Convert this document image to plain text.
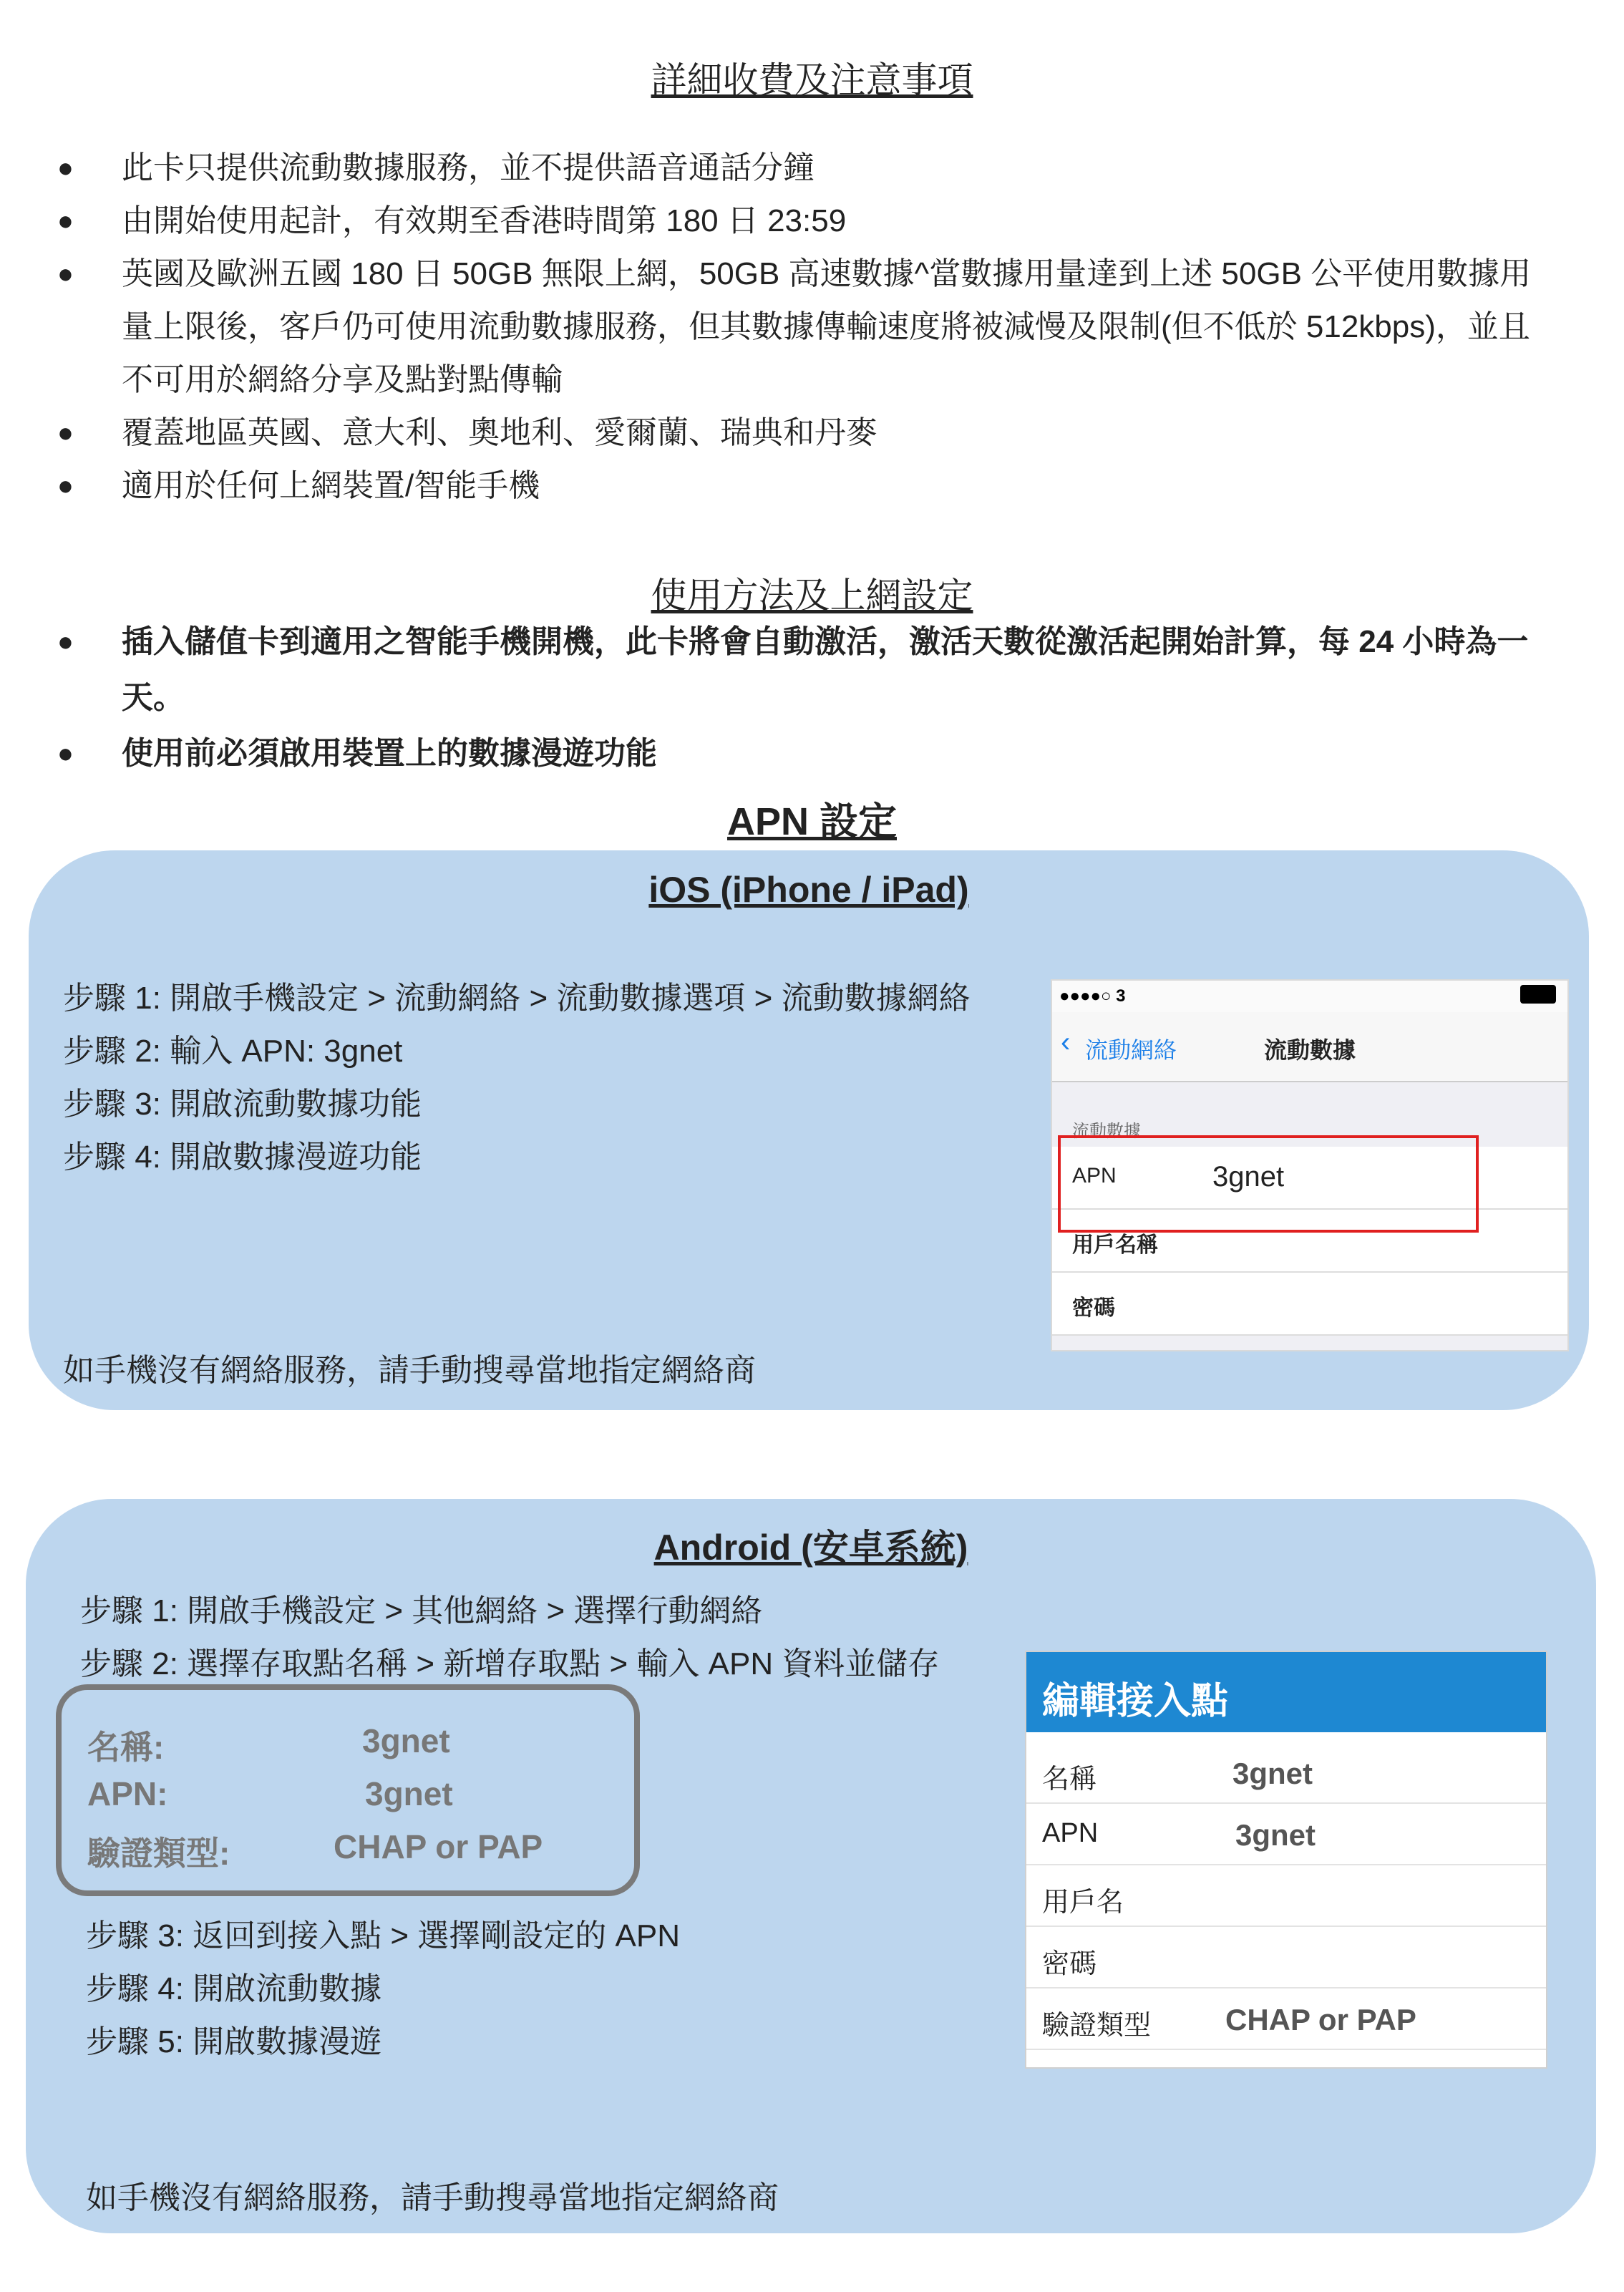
詳細收費及注意事項
● 此卡只提供流動數據服務，並不提供語音通話分鐘
● 由開始使用起計，有效期至香港時間第 180 日 23:59
● 英國及歐洲五國 180 日 50GB 無限上網，50GB 高速數據^當數據用量達到上述 50GB 公平使用數據用量上限後，客戶仍可使用流動數據服務，但其數據傳輸速度將被減慢及限制(但不低於 512kbps)，並且不可用於網絡分享及點對點傳輸
● 覆蓋地區英國、意大利、奧地利、愛爾蘭、瑞典和丹麥
● 適用於任何上網裝置/智能手機
使用方法及上網設定
● 插入儲值卡到適用之智能手機開機，此卡將會自動激活，激活天數從激活起開始計算，每 24 小時為一天。
● 使用前必須啟用裝置上的數據漫遊功能
APN 設定
iOS (iPhone / iPad)
步驟 1: 開啟手機設定 > 流動網絡 > 流動數據選項 > 流動數據網絡
步驟 2: 輸入 APN: 3gnet
步驟 3: 開啟流動數據功能
步驟 4: 開啟數據漫遊功能
如手機沒有網絡服務，請手動搜尋當地指定網絡商
●●●●○ 3
‹ 流動網絡	流動數據
流動數據
APN	3gnet
用戶名稱
密碼
Android (安卓系統)
步驟 1: 開啟手機設定 > 其他網絡 > 選擇行動網絡
步驟 2: 選擇存取點名稱 > 新增存取點 > 輸入 APN 資料並儲存
名稱:	3gnet
APN:	3gnet
驗證類型:	CHAP or PAP
步驟 3: 返回到接入點 > 選擇剛設定的 APN
步驟 4: 開啟流動數據
步驟 5: 開啟數據漫遊
如手機沒有網絡服務，請手動搜尋當地指定網絡商
編輯接入點
名稱	3gnet
APN	3gnet
用戶名
密碼
驗證類型 CHAP or PAP
